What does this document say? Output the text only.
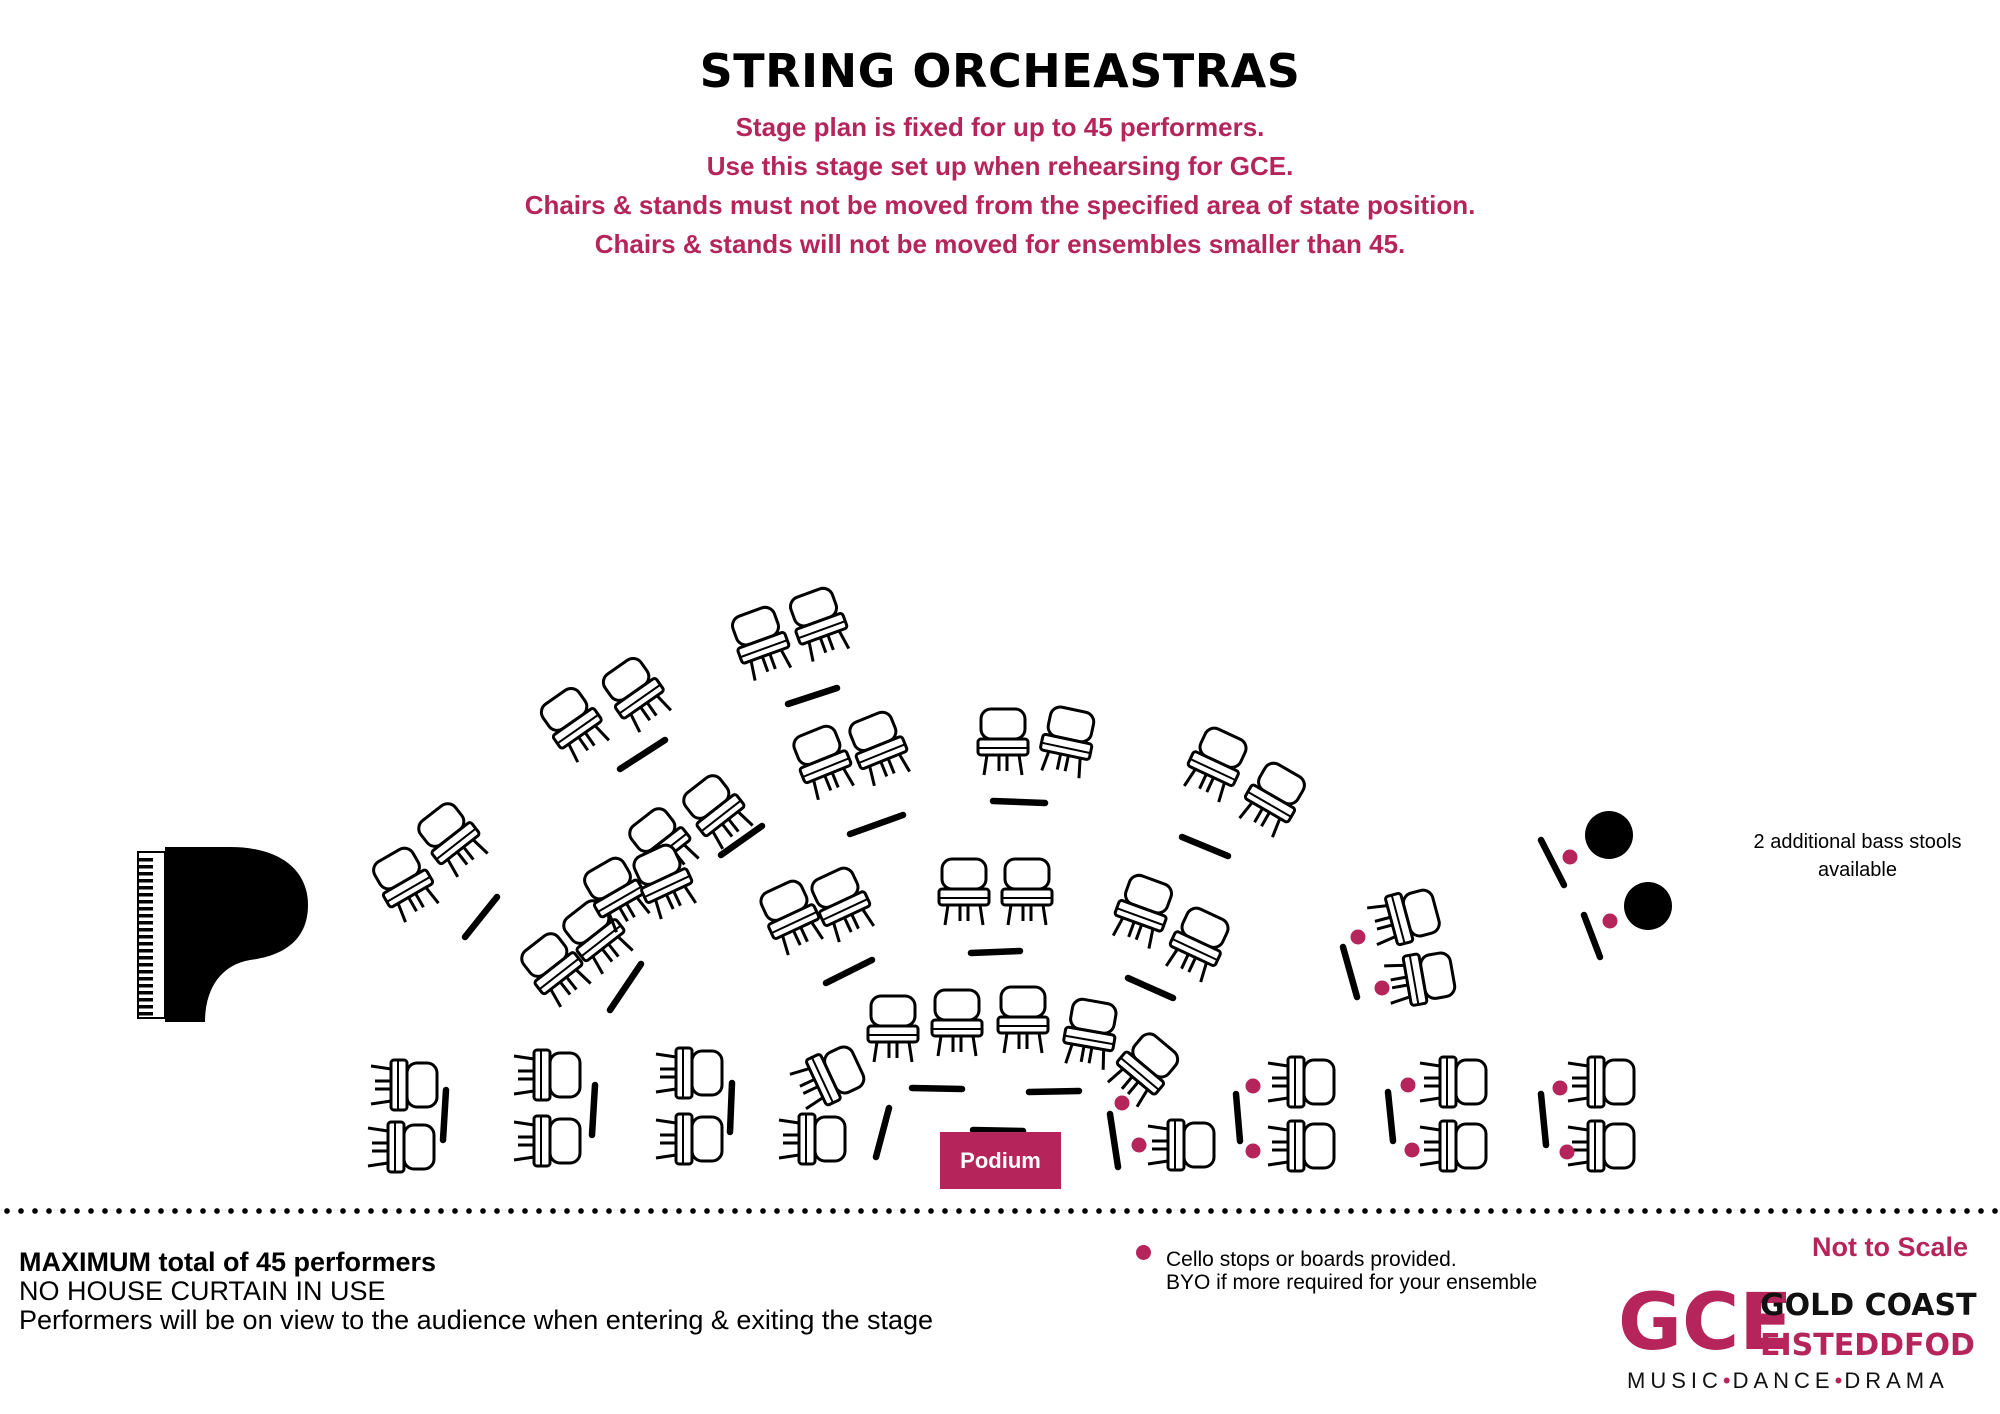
STRING ORCHEASTRAS
Stage plan is fixed for up to 45 performers.
Use this stage set up when rehearsing for GCE.
Chairs & stands must not be moved from the specified area of state position.
Chairs & stands will not be moved for ensembles smaller than 45.
Podium
2 additional bass stools available
MAXIMUM total of 45 performers
NO HOUSE CURTAIN IN USE
Performers will be on view to the audience when entering & exiting the stage
Cello stops or boards provided.
BYO if more required for your ensemble
Not to Scale
GCE
GOLD COAST
EISTEDDFOD
MUSIC•DANCE•DRAMA
